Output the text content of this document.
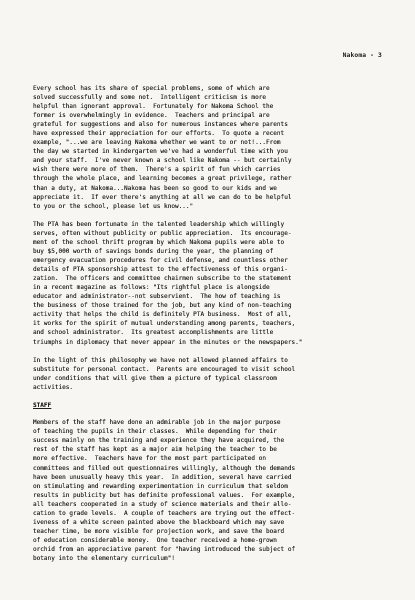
Nakoma - 3
Every school has its share of special problems, some of which are
solved successfully and some not.  Intelligent criticism is more
helpful than ignorant approval.  Fortunately for Nakoma School the
former is overwhelmingly in evidence.  Teachers and principal are
grateful for suggestions and also for numerous instances where parents
have expressed their appreciation for our efforts.  To quote a recent
example, "...we are leaving Nakoma whether we want to or not!...From
the day we started in kindergarten we've had a wonderful time with you
and your staff.  I've never known a school like Nakoma -- but certainly
wish there were more of them.  There's a spirit of fun which carries
through the whole place, and learning becomes a great privilege, rather
than a duty, at Nakoma...Nakoma has been so good to our kids and we
appreciate it.  If ever there's anything at all we can do to be helpful
to you or the school, please let us know..."
The PTA has been fortunate in the talented leadership which willingly
serves, often without publicity or public appreciation.  Its encourage-
ment of the school thrift program by which Nakoma pupils were able to
buy $5,000 worth of savings bonds during the year, the planning of
emergency evacuation procedures for civil defense, and countless other
details of PTA sponsorship attest to the effectiveness of this organi-
zation.  The officers and committee chairmen subscribe to the statement
in a recent magazine as follows: "Its rightful place is alongside
educator and administrator--not subservient.  The how of teaching is
the business of those trained for the job, but any kind of non-teaching
activity that helps the child is definitely PTA business.  Most of all,
it works for the spirit of mutual understanding among parents, teachers,
and school administrator.  Its greatest accomplishments are little
triumphs in diplomacy that never appear in the minutes or the newspapers."
In the light of this philosophy we have not allowed planned affairs to
substitute for personal contact.  Parents are encouraged to visit school
under conditions that will give them a picture of typical classroom
activities.
STAFF
Members of the staff have done an admirable job in the major purpose
of teaching the pupils in their classes.  While depending for their
success mainly on the training and experience they have acquired, the
rest of the staff has kept as a major aim helping the teacher to be
more effective.  Teachers have for the most part participated on
committees and filled out questionnaires willingly, although the demands
have been unusually heavy this year.  In addition, several have carried
on stimulating and rewarding experimentation in curriculum that seldom
results in publicity but has definite professional values.  For example,
all teachers cooperated in a study of science materials and their allo-
cation to grade levels.  A couple of teachers are trying out the effect-
iveness of a white screen painted above the blackboard which may save
teacher time, be more visible for projection work, and save the board
of education considerable money.  One teacher received a home-grown
orchid from an appreciative parent for "having introduced the subject of
botany into the elementary curriculum"!
